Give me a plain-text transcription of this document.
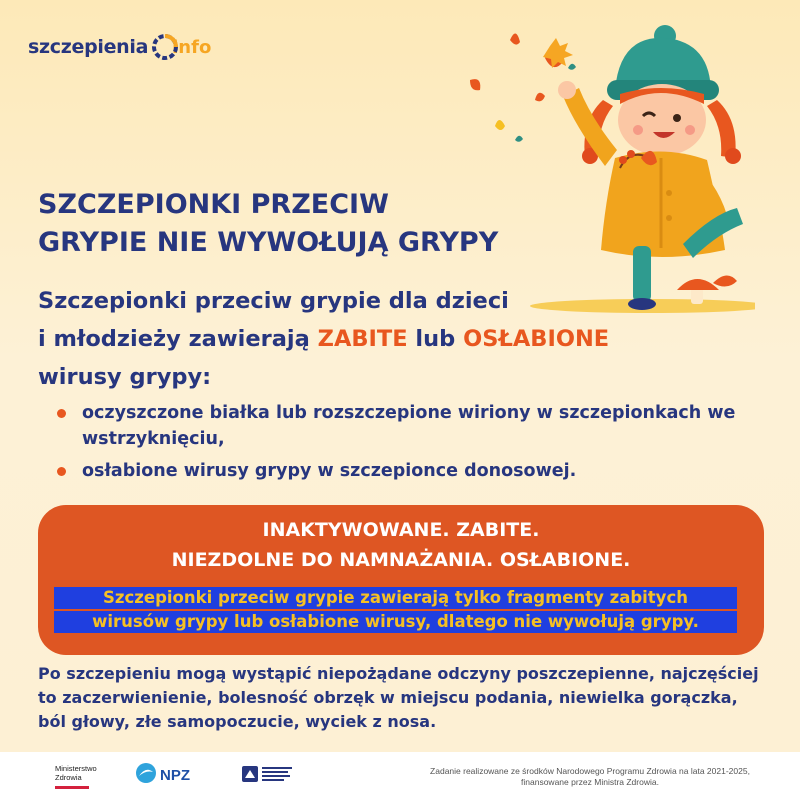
szczepienia info
SZCZEPIONKI PRZECIW
GRYPIE NIE WYWOŁUJĄ GRYPY
Szczepionki przeciw grypie dla dzieci
i młodzieży zawierają ZABITE lub OSŁABIONE
wirusy grypy:
oczyszczone białka lub rozszczepione wiriony w szczepionkach we wstrzyknięciu,
osłabione wirusy grypy w szczepionce donosowej.
INAKTYWOWANE. ZABITE.
NIEZDOLNE DO NAMNAŻANIA. OSŁABIONE.
Szczepionki przeciw grypie zawierają tylko fragmenty zabitych
wirusów grypy lub osłabione wirusy, dlatego nie wywołują grypy.

Po szczepieniu mogą wystąpić niepożądane odczyny poszczepienne, najczęściej to zaczerwienienie, bolesność obrzęk w miejscu podania, niewielka gorączka, ból głowy, złe samopoczucie, wyciek z nosa.

Ministerstwo
Zdrowia	NPZ	Zadanie realizowane ze środków Narodowego Programu Zdrowia na lata 2021-2025,
finansowane przez Ministra Zdrowia.
